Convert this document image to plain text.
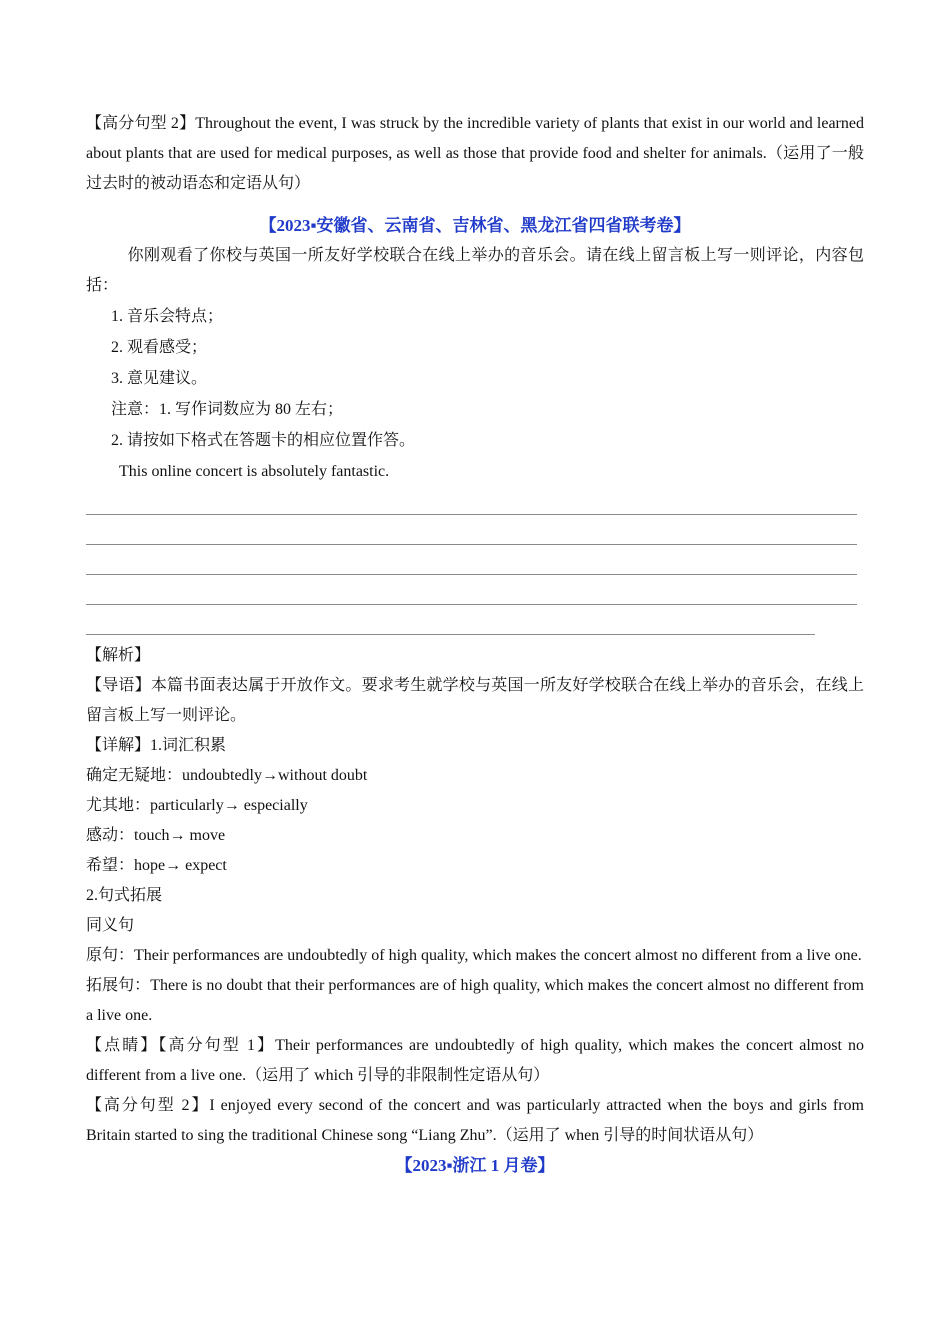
【高分句型 2】Throughout the event, I was struck by the incredible variety of plants that exist in our world and learned about plants that are used for medical purposes, as well as those that provide food and shelter for animals.（运用了一般过去时的被动语态和定语从句）

【2023▪安徽省、云南省、吉林省、黑龙江省四省联考卷】

你刚观看了你校与英国一所友好学校联合在线上举办的音乐会。请在线上留言板上写一则评论，内容包括：

1. 音乐会特点；

2. 观看感受；

3. 意见建议。

注意：1. 写作词数应为 80 左右；

2. 请按如下格式在答题卡的相应位置作答。

This online concert is absolutely fantastic.

【解析】

【导语】本篇书面表达属于开放作文。要求考生就学校与英国一所友好学校联合在线上举办的音乐会，在线上留言板上写一则评论。

【详解】1.词汇积累

确定无疑地：undoubtedly→without doubt

尤其地：particularly→ especially

感动：touch→ move

希望：hope→ expect

2.句式拓展

同义句

原句：Their performances are undoubtedly of high quality, which makes the concert almost no different from a live one.

拓展句：There is no doubt that their performances are of high quality, which makes the concert almost no different from a live one.

【点睛】【高分句型 1】Their performances are undoubtedly of high quality, which makes the concert almost no different from a live one.（运用了 which 引导的非限制性定语从句）

【高分句型 2】I enjoyed every second of the concert and was particularly attracted when the boys and girls from Britain started to sing the traditional Chinese song “Liang Zhu”.（运用了 when 引导的时间状语从句）

【2023▪浙江 1 月卷】
